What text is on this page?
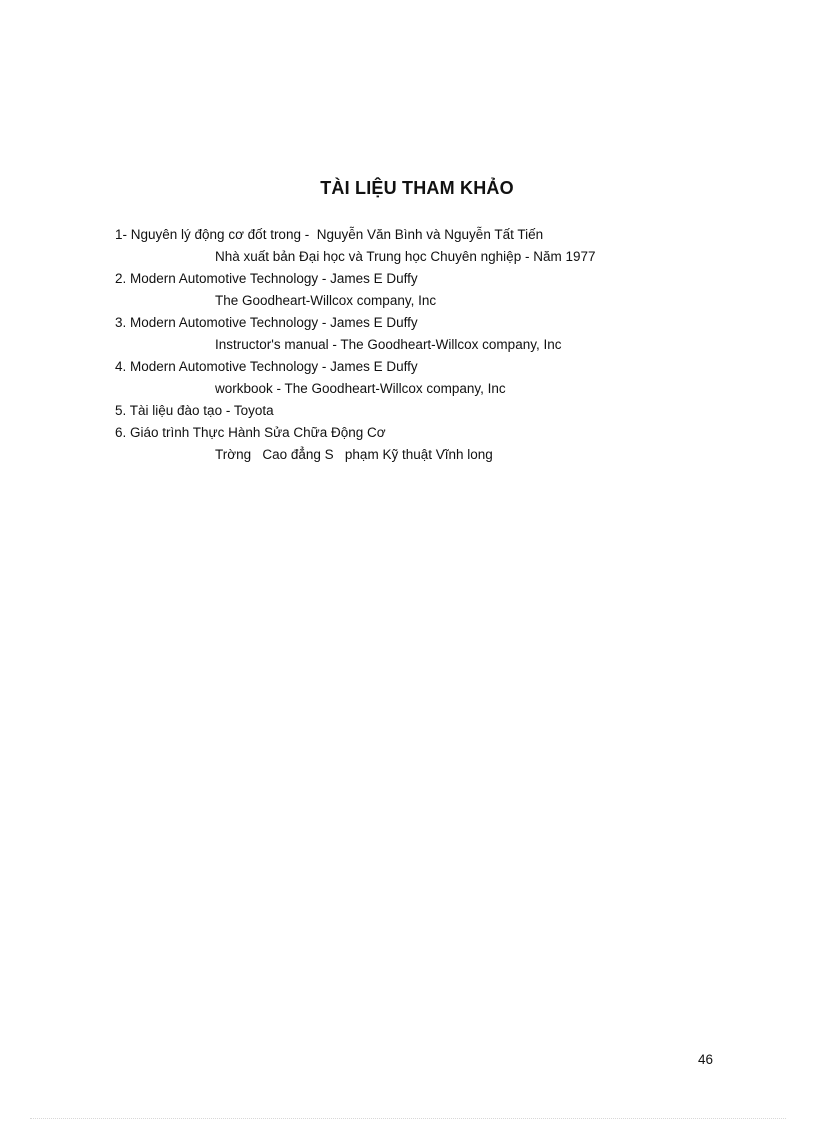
TÀI LIỆU THAM KHẢO
1- Nguyên lý động cơ đốt trong -  Nguyễn Văn Bình và Nguyễn Tất Tiến
Nhà xuất bản Đại học và Trung học Chuyên nghiệp - Năm 1977
2. Modern Automotive Technology - James E Duffy
The Goodheart-Willcox company, Inc
3. Modern Automotive Technology - James E Duffy
Instructor's manual - The Goodheart-Willcox company, Inc
4. Modern Automotive Technology - James E Duffy
workbook - The Goodheart-Willcox company, Inc
5. Tài liệu đào tạo - Toyota
6. Giáo trình Thực Hành Sửa Chữa Động Cơ
Trờng   Cao đẳng S   phạm Kỹ thuật Vĩnh long
46
